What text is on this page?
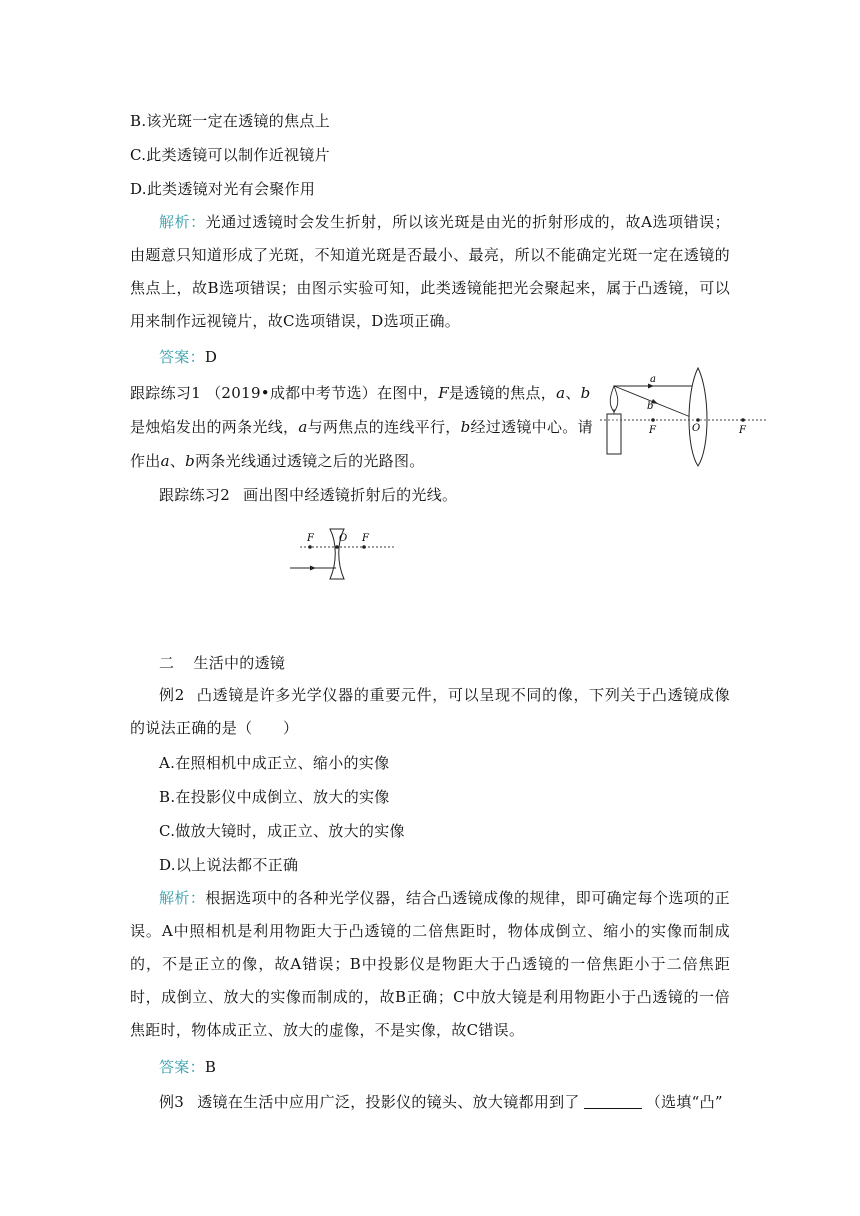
B.该光斑一定在透镜的焦点上
C.此类透镜可以制作近视镜片
D.此类透镜对光有会聚作用
解析：光通过透镜时会发生折射，所以该光斑是由光的折射形成的，故A选项错误；由题意只知道形成了光斑，不知道光斑是否最小、最亮，所以不能确定光斑一定在透镜的焦点上，故B选项错误；由图示实验可知，此类透镜能把光会聚起来，属于凸透镜，可以用来制作远视镜片，故C选项错误，D选项正确。
答案：D
跟踪练习1 （2019•成都中考节选）在图中，F是透镜的焦点，a、b
是烛焰发出的两条光线，a与两焦点的连线平行，b经过透镜中心。请
作出a、b两条光线通过透镜之后的光路图。
a
b
F	O	F
跟踪练习2 画出图中经透镜折射后的光线。
F	O F
二 生活中的透镜
例2 凸透镜是许多光学仪器的重要元件，可以呈现不同的像，下列关于凸透镜成像的说法正确的是（　　）
A.在照相机中成正立、缩小的实像
B.在投影仪中成倒立、放大的实像
C.做放大镜时，成正立、放大的实像
D.以上说法都不正确
解析：根据选项中的各种光学仪器，结合凸透镜成像的规律，即可确定每个选项的正误。A中照相机是利用物距大于凸透镜的二倍焦距时，物体成倒立、缩小的实像而制成的，不是正立的像，故A错误；B中投影仪是物距大于凸透镜的一倍焦距小于二倍焦距时，成倒立、放大的实像而制成的，故B正确；C中放大镜是利用物距小于凸透镜的一倍焦距时，物体成正立、放大的虚像，不是实像，故C错误。
答案：B
例3 透镜在生活中应用广泛，投影仪的镜头、放大镜都用到了	（选填“凸”
